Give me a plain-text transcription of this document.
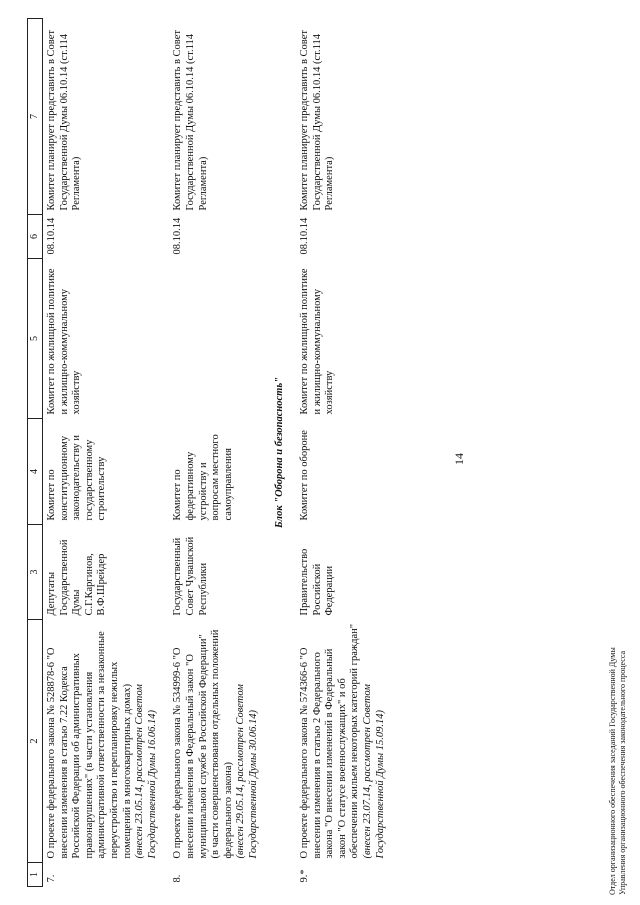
14
1	2	3	4	5	6	7
7.	О проекте федерального закона № 528878-6 "О внесении изменения в статью 7.22 Кодекса Российской Федерации об административных правонарушениях" (в части установления административной ответственности за незаконные переустройство и перепланировку нежилых помещений в многоквартирных домах) (внесен 23.05.14, рассмотрен Советом Государственной Думы 16.06.14)	Депутаты Государственной Думы С.Г.Каргинов, В.Ф.Шрейдер	Комитет по конституционному законодательству и государственному строительству	Комитет по жилищной политике и жилищно-коммунальному хозяйству	08.10.14	Комитет планирует представить в Совет Государственной Думы 06.10.14 (ст.114 Регламента)
8.	О проекте федерального закона № 534999-6 "О внесении изменения в Федеральный закон "О муниципальной службе в Российской Федерации" (в части совершенствования отдельных положений федерального закона) (внесен 29.05.14, рассмотрен Советом Государственной Думы 30.06.14)	Государственный Совет Чувашской Республики	Комитет по федеративному устройству и вопросам местного самоуправления		08.10.14	Комитет планирует представить в Совет Государственной Думы 06.10.14 (ст.114 Регламента)
Блок "Оборона и безопасность"						
9.*	О проекте федерального закона № 574366-6 "О внесении изменения в статью 2 Федерального закона "О внесении изменений в Федеральный закон "О статусе военнослужащих" и об обеспечении жильем некоторых категорий граждан" (внесен 23.07.14, рассмотрен Советом Государственной Думы 15.09.14)	Правительство Российской Федерации	Комитет по обороне	Комитет по жилищной политике и жилищно-коммунальному хозяйству	08.10.14	Комитет планирует представить в Совет Государственной Думы 06.10.14 (ст.114 Регламента)
Отдел организационного обеспечения заседаний Государственной Думы Управления организационного обеспечения законодательного процесса
